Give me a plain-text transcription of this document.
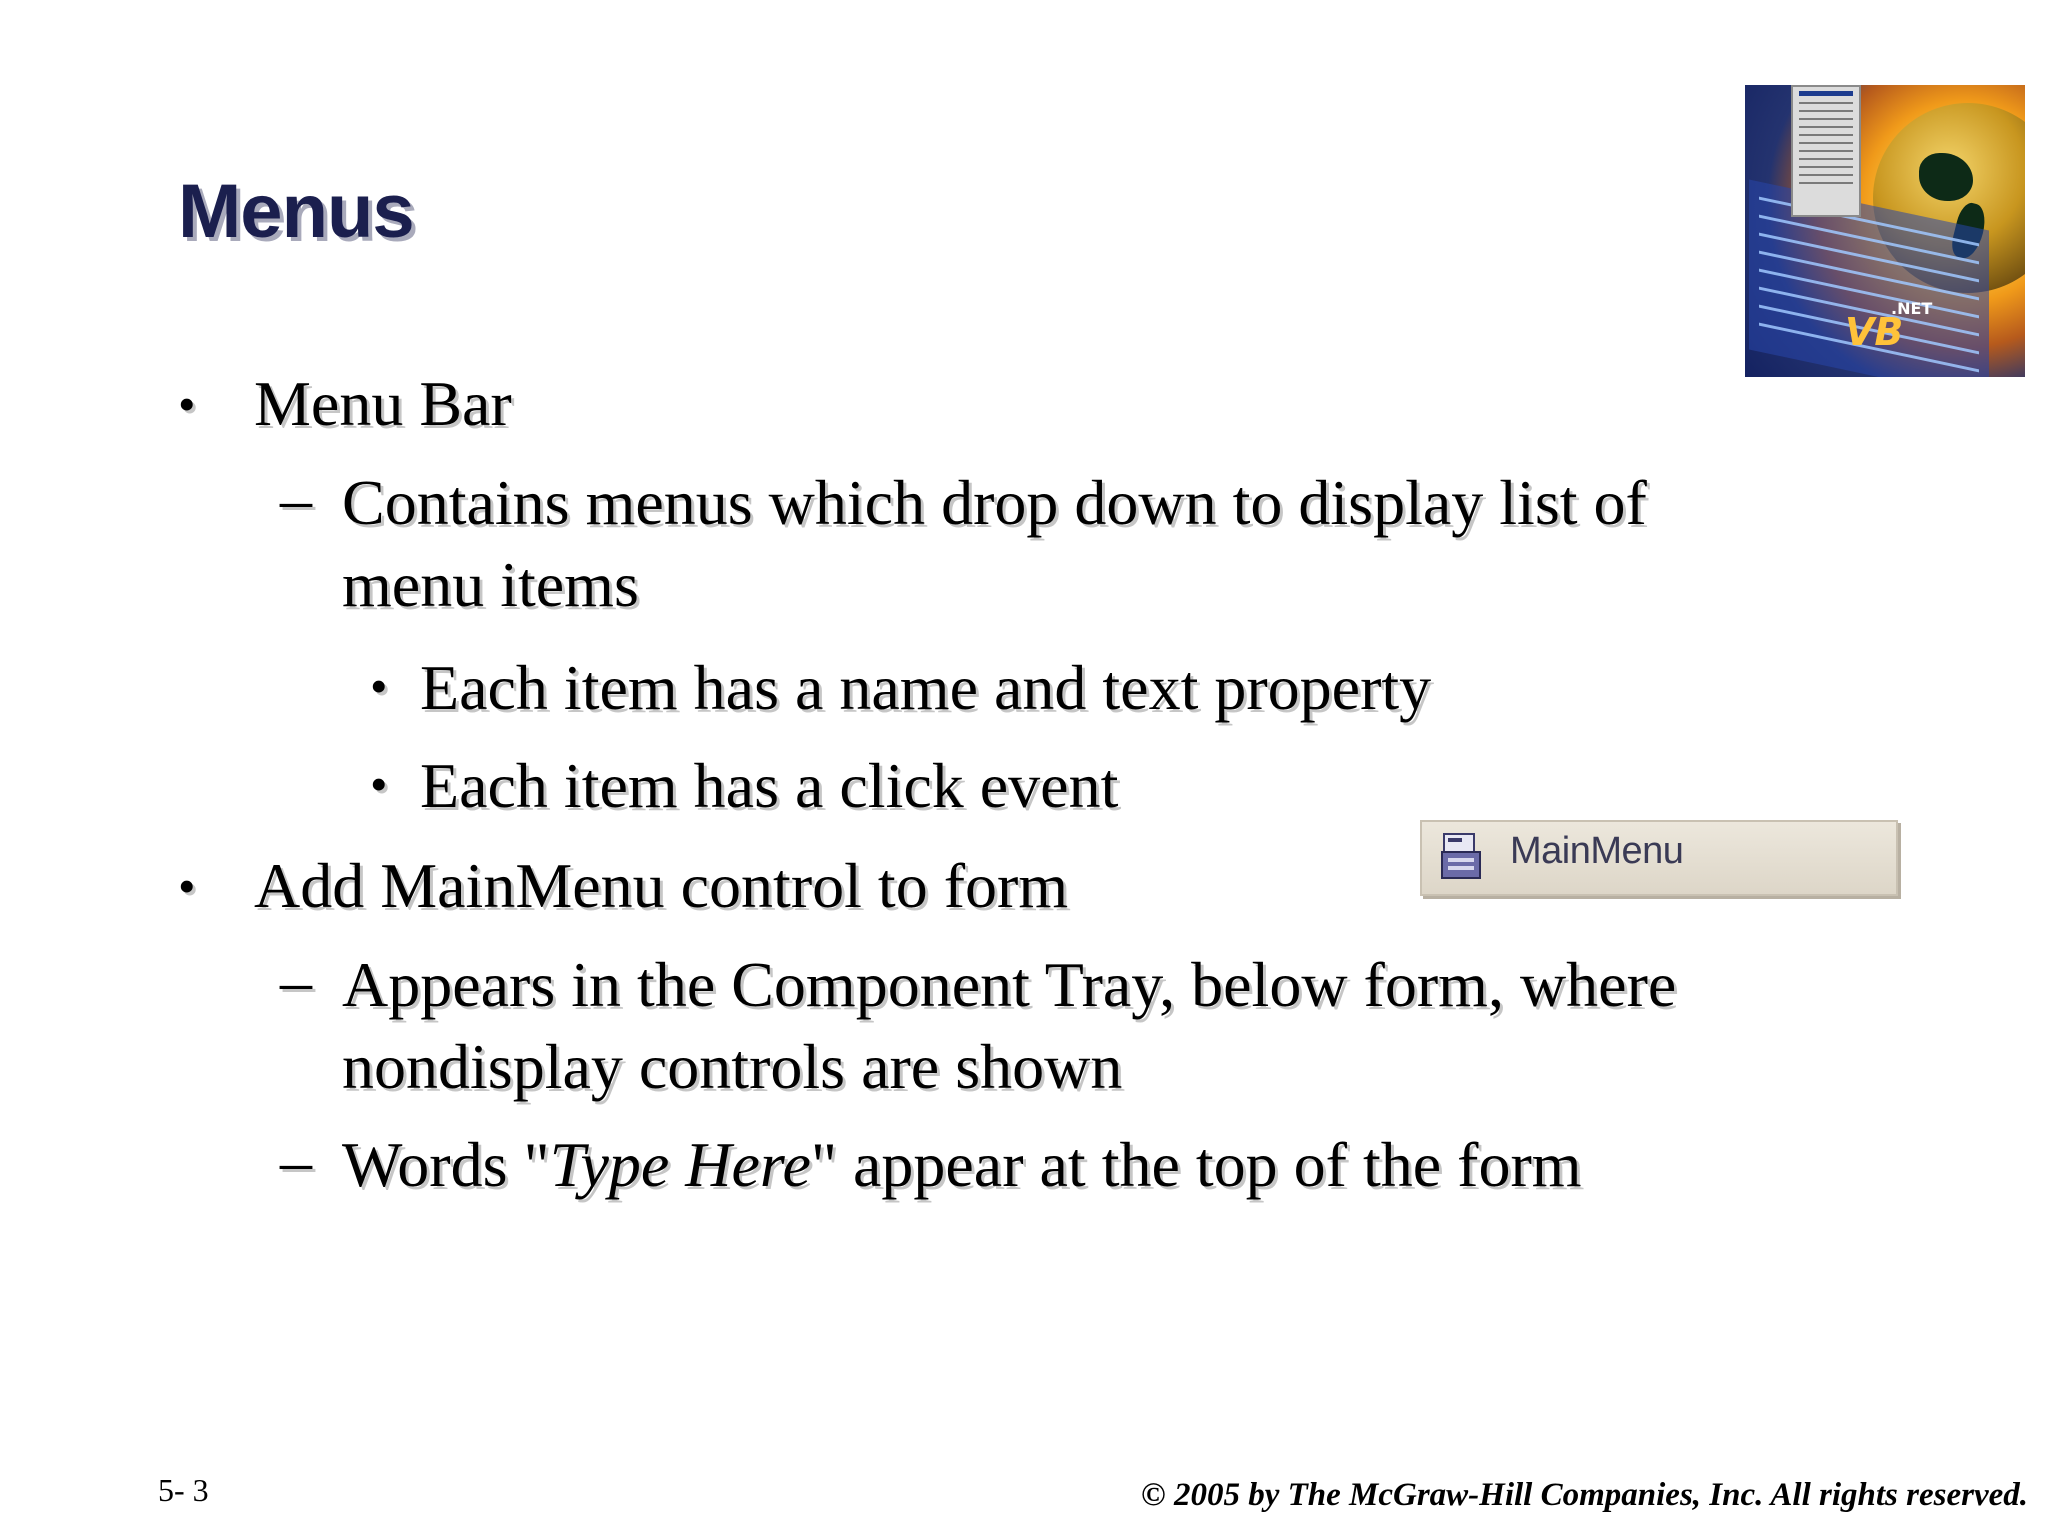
Menus
VB
.NET
• Menu Bar
– Contains menus which drop down to display list of menu items
• Each item has a name and text property
• Each item has a click event
MainMenu
• Add MainMenu control to form
– Appears in the Component Tray, below form, where nondisplay controls are shown
– Words "Type Here" appear at the top of the form
5- 3	© 2005 by The McGraw-Hill Companies, Inc. All rights reserved.
